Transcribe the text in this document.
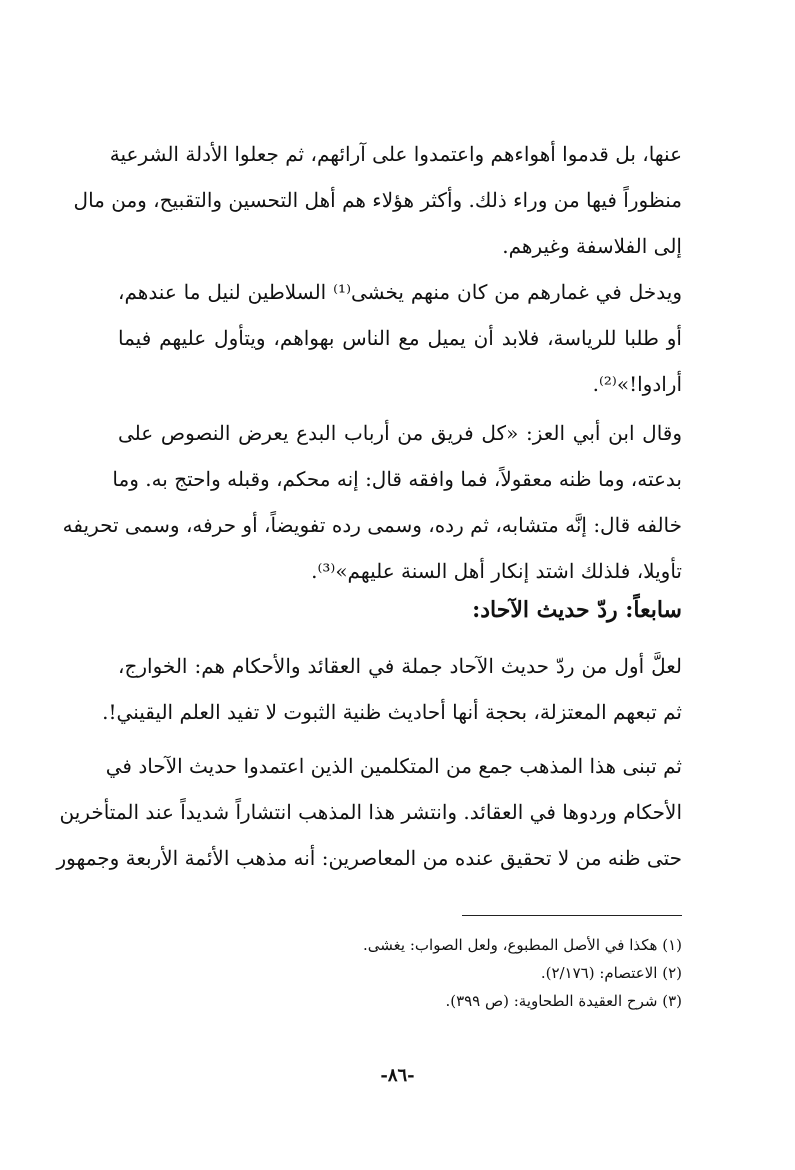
عنها، بل قدموا أهواءهم واعتمدوا على آرائهم، ثم جعلوا الأدلة الشرعية
منظوراً فيها من وراء ذلك. وأكثر هؤلاء هم أهل التحسين والتقبيح، ومن مال
إلى الفلاسفة وغيرهم.
ويدخل في غمارهم من كان منهم يخشى⁽¹⁾ السلاطين لنيل ما عندهم،
أو طلبا للرياسة، فلابد أن يميل مع الناس بهواهم، ويتأول عليهم فيما
أرادوا!»⁽²⁾.
وقال ابن أبي العز: «كل فريق من أرباب البدع يعرض النصوص على
بدعته، وما ظنه معقولاً، فما وافقه قال: إنه محكم، وقبله واحتج به. وما
خالفه قال: إنَّه متشابه، ثم رده، وسمى رده تفويضاً، أو حرفه، وسمى تحريفه
تأويلا، فلذلك اشتد إنكار أهل السنة عليهم»⁽³⁾.
سابعاً: ردّ حديث الآحاد:
لعلَّ أول من ردّ حديث الآحاد جملة في العقائد والأحكام هم: الخوارج،
ثم تبعهم المعتزلة، بحجة أنها أحاديث ظنية الثبوت لا تفيد العلم اليقيني!.
ثم تبنى هذا المذهب جمع من المتكلمين الذين اعتمدوا حديث الآحاد في
الأحكام وردوها في العقائد. وانتشر هذا المذهب انتشاراً شديداً عند المتأخرين
حتى ظنه من لا تحقيق عنده من المعاصرين: أنه مذهب الأئمة الأربعة وجمهور
(١) هكذا في الأصل المطبوع، ولعل الصواب: يغشى.
(٢) الاعتصام: (٢/١٧٦).
(٣) شرح العقيدة الطحاوية: (ص ٣٩٩).
-٨٦-
